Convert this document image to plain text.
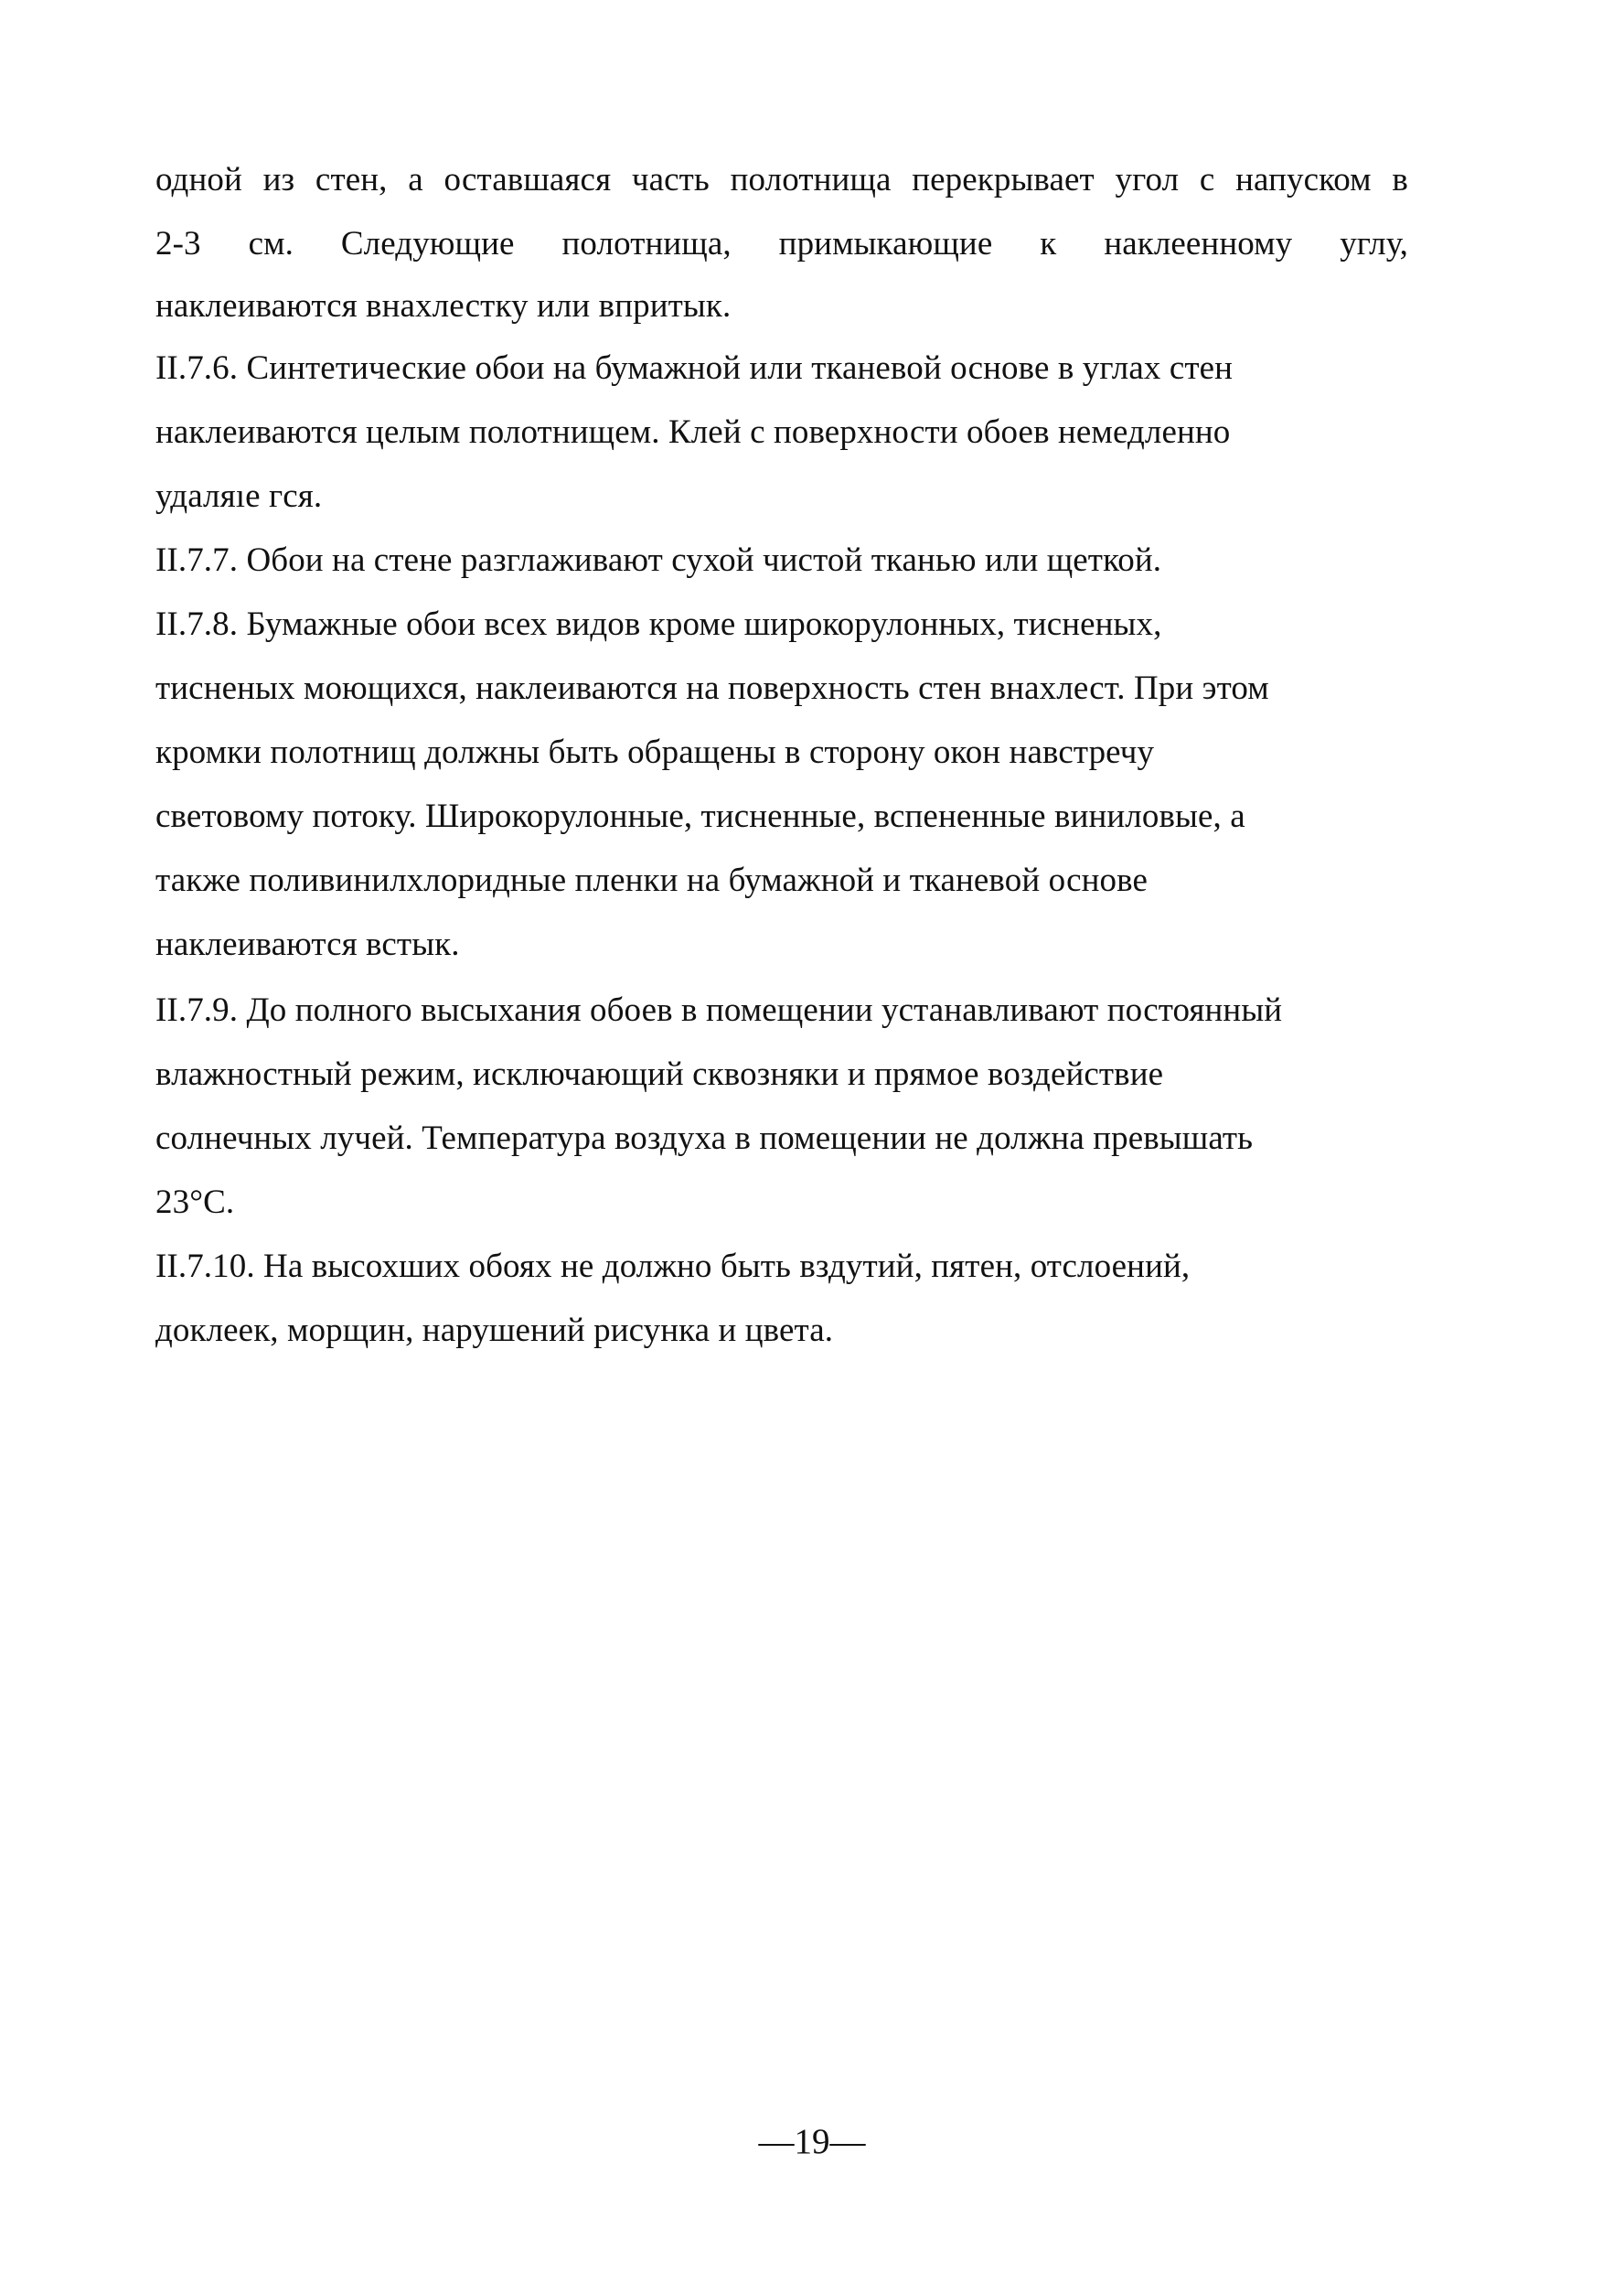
одной из стен, а оставшаяся часть полотнища перекрывает угол с напуском в
2-3 см. Следующие полотнища, примыкающие к наклеенному углу,
наклеиваются внахлестку или впритык.
II.7.6. Синтетические обои на бумажной или тканевой основе в углах стен
наклеиваются целым полотнищем. Клей с поверхности обоев немедленно
удаляıe гся.
II.7.7. Обои на стене разглаживают сухой чистой тканью или щеткой.
II.7.8. Бумажные обои всех видов кроме широкорулонных, тисненых,
тисненых моющихся, наклеиваются на поверхность стен внахлест. При этом
кромки полотнищ должны быть обращены в сторону окон навстречу
световому потоку. Широкорулонные, тисненные, вспененные виниловые, а
также поливинилхлоридные пленки на бумажной и тканевой основе
наклеиваются встык.
II.7.9. До полного высыхания обоев в помещении устанавливают постоянный
влажностный режим, исключающий сквозняки и прямое воздействие
солнечных лучей. Температура воздуха в помещении не должна превышать
23°С.
II.7.10. На высохших обоях не должно быть вздутий, пятен, отслоений,
доклеек, морщин, нарушений рисунка и цвета.
—19—
